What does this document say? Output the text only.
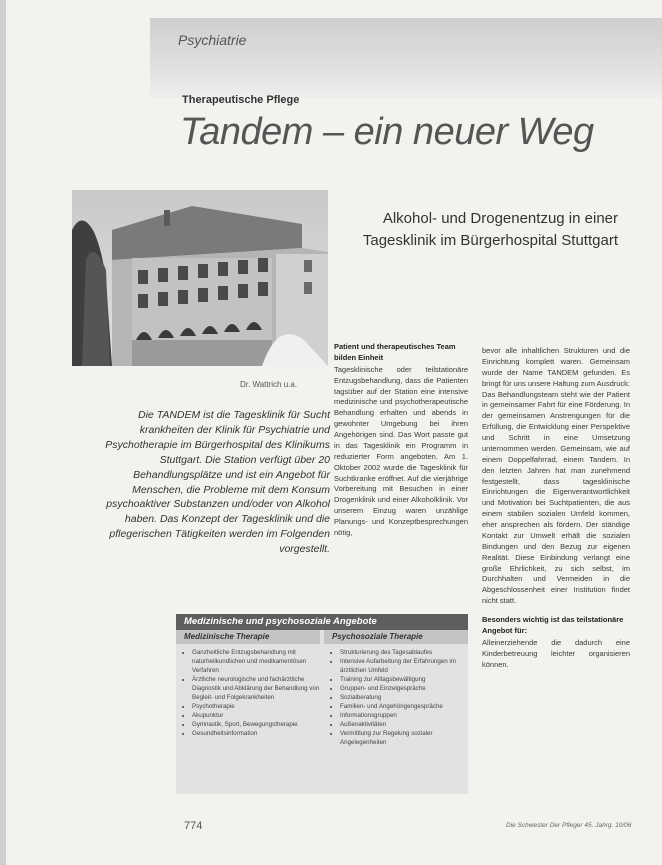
Psychiatrie
Therapeutische Pflege
Tandem – ein neuer Weg
Alkohol- und Drogenentzug in einer
Tagesklinik im Bürgerhospital Stuttgart
Dr. Wattrich u.a.
Die TANDEM ist die Tagesklinik für Sucht krankheiten der Klinik für Psychiatrie und Psychotherapie im Bürgerhospital des Klinikums Stuttgart. Die Station verfügt über 20 Behandlungsplätze und ist ein Angebot für Menschen, die Probleme mit dem Konsum psychoaktiver Substanzen und/oder von Alkohol haben. Das Konzept der Tagesklinik und die pflegerischen Tätigkeiten werden im Folgenden vorgestellt.
Patient und therapeutisches Team bilden Einheit

Tagesklinische oder teilstationäre Entzugsbehandlung, dass die Patienten tagsüber auf der Station eine intensive medizinische und psychotherapeutische Behandlung erhalten und abends in gewohnter Umgebung bei ihren Angehörigen sind. Das Wort passte gut in das Tagesklinik ein Programm in reduzierter Form angeboten. Am 1. Oktober 2002 wurde die Tagesklinik für Suchtkranke eröffnet. Auf die vierjährige Vorbereitung mit Besuchen in einer Drogenklinik und einer Alkoholklinik. Vor unserem Einzug waren unzählige Planungs- und Konzeptbesprechungen nötig,

bevor alle inhaltlichen Strukturen und die Einrichtung komplett waren. Gemeinsam wurde der Name TANDEM gefunden. Es bringt für uns unsere Haltung zum Ausdruck: Das Behandlungsteam steht wie der Patient in gemeinsamer Fahrt für eine Förderung. In der gemeinsamen Anstrengungen für die Erfüllung, die Entwicklung einer Perspektive und Schritt in eine Umsetzung unternommen werden. Gemeinsam, wie auf einem Doppelfahrrad, einem Tandem. In den letzten Jahren hat man zunehmend festgestellt, dass tagesklinische Einrichtungen die Eigenverantwortlichkeit und Motivation bei Suchtpatienten, die aus einem stabilen sozialen Umfeld kommen, eher ansprechen als fördern. Der ständige Kontakt zur Umwelt erhält die sozialen Bindungen und den Bezug zur eigenen Realität. Diese Einbindung verlangt eine große Ehrlichkeit, zu sich selbst, im Durchhalten und Vermeiden in die Abgeschlossenheit einer Institution findet nicht statt.

Besonders wichtig ist das teilstationäre Angebot für:

Alleinerziehende die dadurch eine Kinderbetreuung leichter organisieren können.

Medizinische und psychosoziale Angebote
Medizinische Therapie
• Ganzheitliche Entzugsbehandlung mit naturheilkundlichen und medikamentösen Verfahren
• Ärztliche neurologische und fachärztliche Diagnostik und Abklärung der Behandlung von Begleit- und Folgekrankheiten
• Psychotherapie
• Akupunktur
• Gymnastik, Sport, Bewegungstherapie
• Gesundheitsinformation
Psychosoziale Therapie
• Strukturierung des Tagesablaufes
• Intensive Aufarbeitung der Erfahrungen im ärztlichen Umfeld
• Training zur Alltagsbewältigung
• Gruppen- und Einzelgespräche
• Sozialberatung
• Familien- und Angehörigengespräche
• Informationsgruppen
• Außenaktivitäten
• Vermittlung zur Regelung sozialer Angelegenheiten
774	Die Schwester Der Pfleger 45. Jahrg. 10/06
